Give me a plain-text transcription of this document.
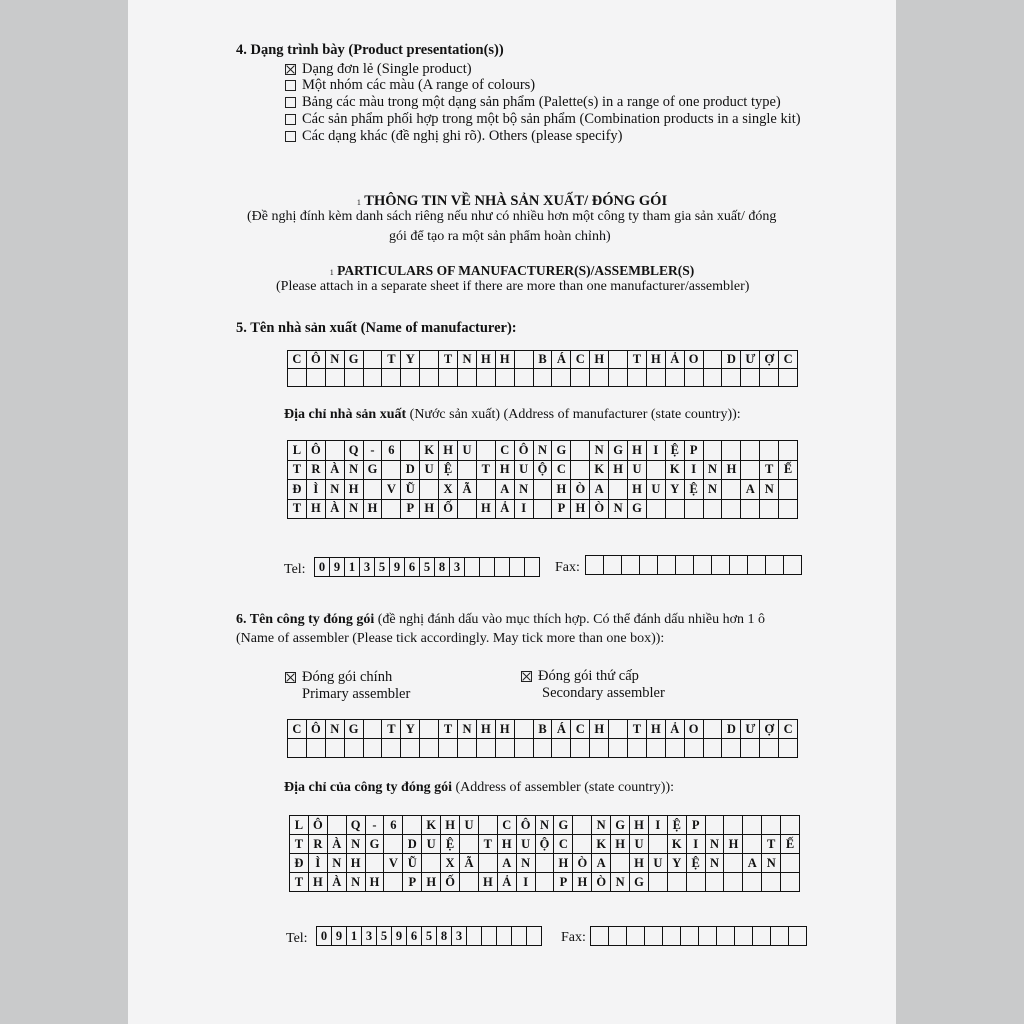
4. Dạng trình bày (Product presentation(s))
Dạng đơn lẻ (Single product)
Một nhóm các màu (A range of colours)
Bảng các màu trong một dạng sản phẩm (Palette(s) in a range of one product type)
Các sản phẩm phối hợp trong một bộ sản phẩm (Combination products in a single kit)
Các dạng khác (đề nghị ghi rõ). Others (please specify)
1 THÔNG TIN VỀ NHÀ SẢN XUẤT/ ĐÓNG GÓI
(Đề nghị đính kèm danh sách riêng nếu như có nhiều hơn một công ty tham gia sản xuất/ đóng
gói để tạo ra một sản phẩm hoàn chỉnh)
1 PARTICULARS OF MANUFACTURER(S)/ASSEMBLER(S)
(Please attach in a separate sheet if there are more than one manufacturer/assembler)
5. Tên nhà sản xuất (Name of manufacturer):
C Ô N G	T Y	T N H H	B Á C H	T H Ả O	D Ư Ợ C
Địa chỉ nhà sản xuất (Nước sản xuất) (Address of manufacturer (state country)):
L Ô	Q -	6	K H U	C Ô N G	N G H I Ệ P
T R À N G	D U Ệ	T H U Ộ C	K H U	K I N H	T Ế
Đ Ì N H	V Ũ	X Ã	A N	H Ò A	H U Y Ệ N	A N
T H À N H	P H Ố	H Ả I	P H Ò N G
Tel:	0 9 1 3 5 9 6 5 8 3	Fax:
6. Tên công ty đóng gói (đề nghị đánh dấu vào mục thích hợp. Có thể đánh dấu nhiều hơn 1 ô
(Name of assembler (Please tick accordingly. May tick more than one box)):
Đóng gói chính
Primary assembler
Đóng gói thứ cấp
Secondary assembler
C Ô N G	T Y	T N H H	B Á C H	T H Ả O	D Ư Ợ C
Địa chỉ của công ty đóng gói (Address of assembler (state country)):
L Ô	Q -	6	K H U	C Ô N G	N G H I Ệ P
T R À N G	D U Ệ	T H U Ộ C	K H U	K I N H	T Ế
Đ Ì N H	V Ũ	X Ã	A N	H Ò A	H U Y Ệ N	A N
T H À N H	P H Ố	H Ả I	P H Ò N G
Tel:	0 9 1 3 5 9 6 5 8 3	Fax:
